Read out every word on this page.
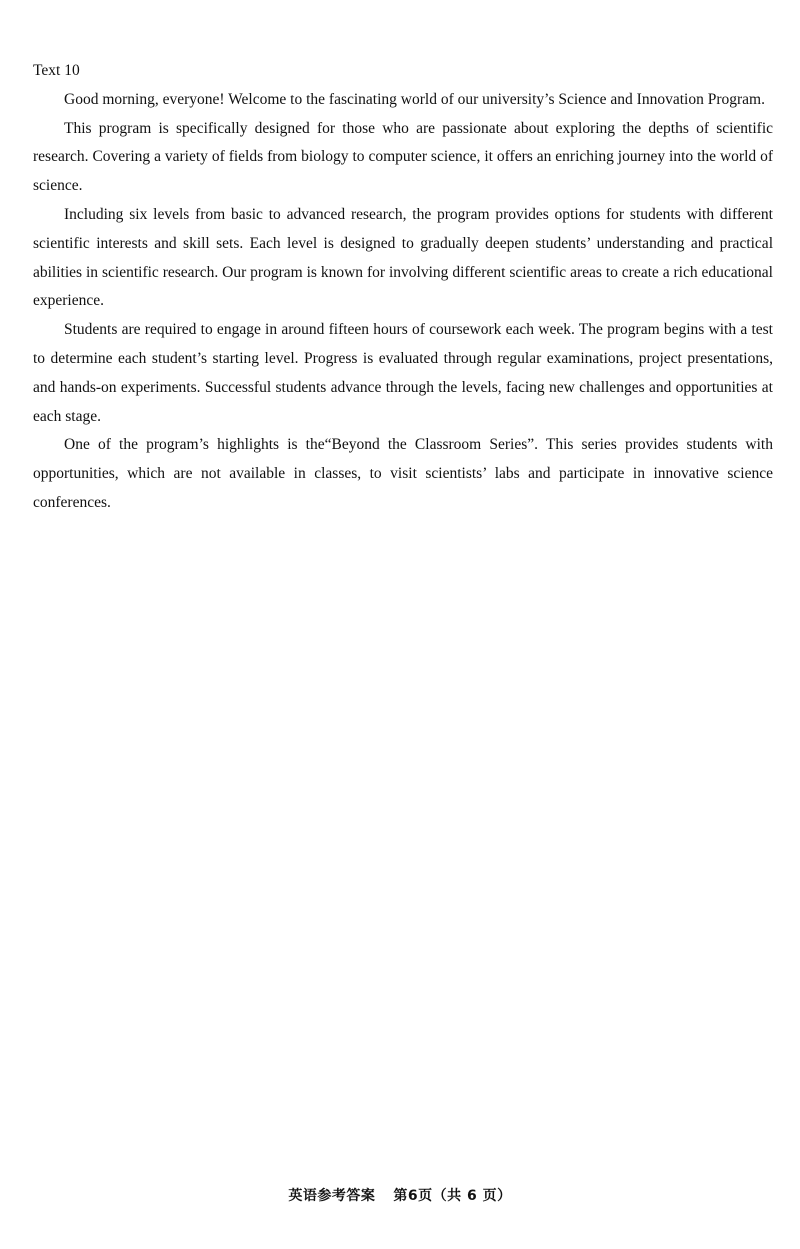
Text 10

Good morning, everyone! Welcome to the fascinating world of our university’s Science and Innovation Program.

This program is specifically designed for those who are passionate about exploring the depths of scientific research. Covering a variety of fields from biology to computer science, it offers an enriching journey into the world of science.

Including six levels from basic to advanced research, the program provides options for students with different scientific interests and skill sets. Each level is designed to gradually deepen students’ understanding and practical abilities in scientific research. Our program is known for involving different scientific areas to create a rich educational experience.

Students are required to engage in around fifteen hours of coursework each week. The program begins with a test to determine each student’s starting level. Progress is evaluated through regular examinations, project presentations, and hands-on experiments. Successful students advance through the levels, facing new challenges and opportunities at each stage.

One of the program’s highlights is the“Beyond the Classroom Series”. This series provides students with opportunities, which are not available in classes, to visit scientists’ labs and participate in innovative science conferences.

英语参考答案 第6页（共 6 页）
